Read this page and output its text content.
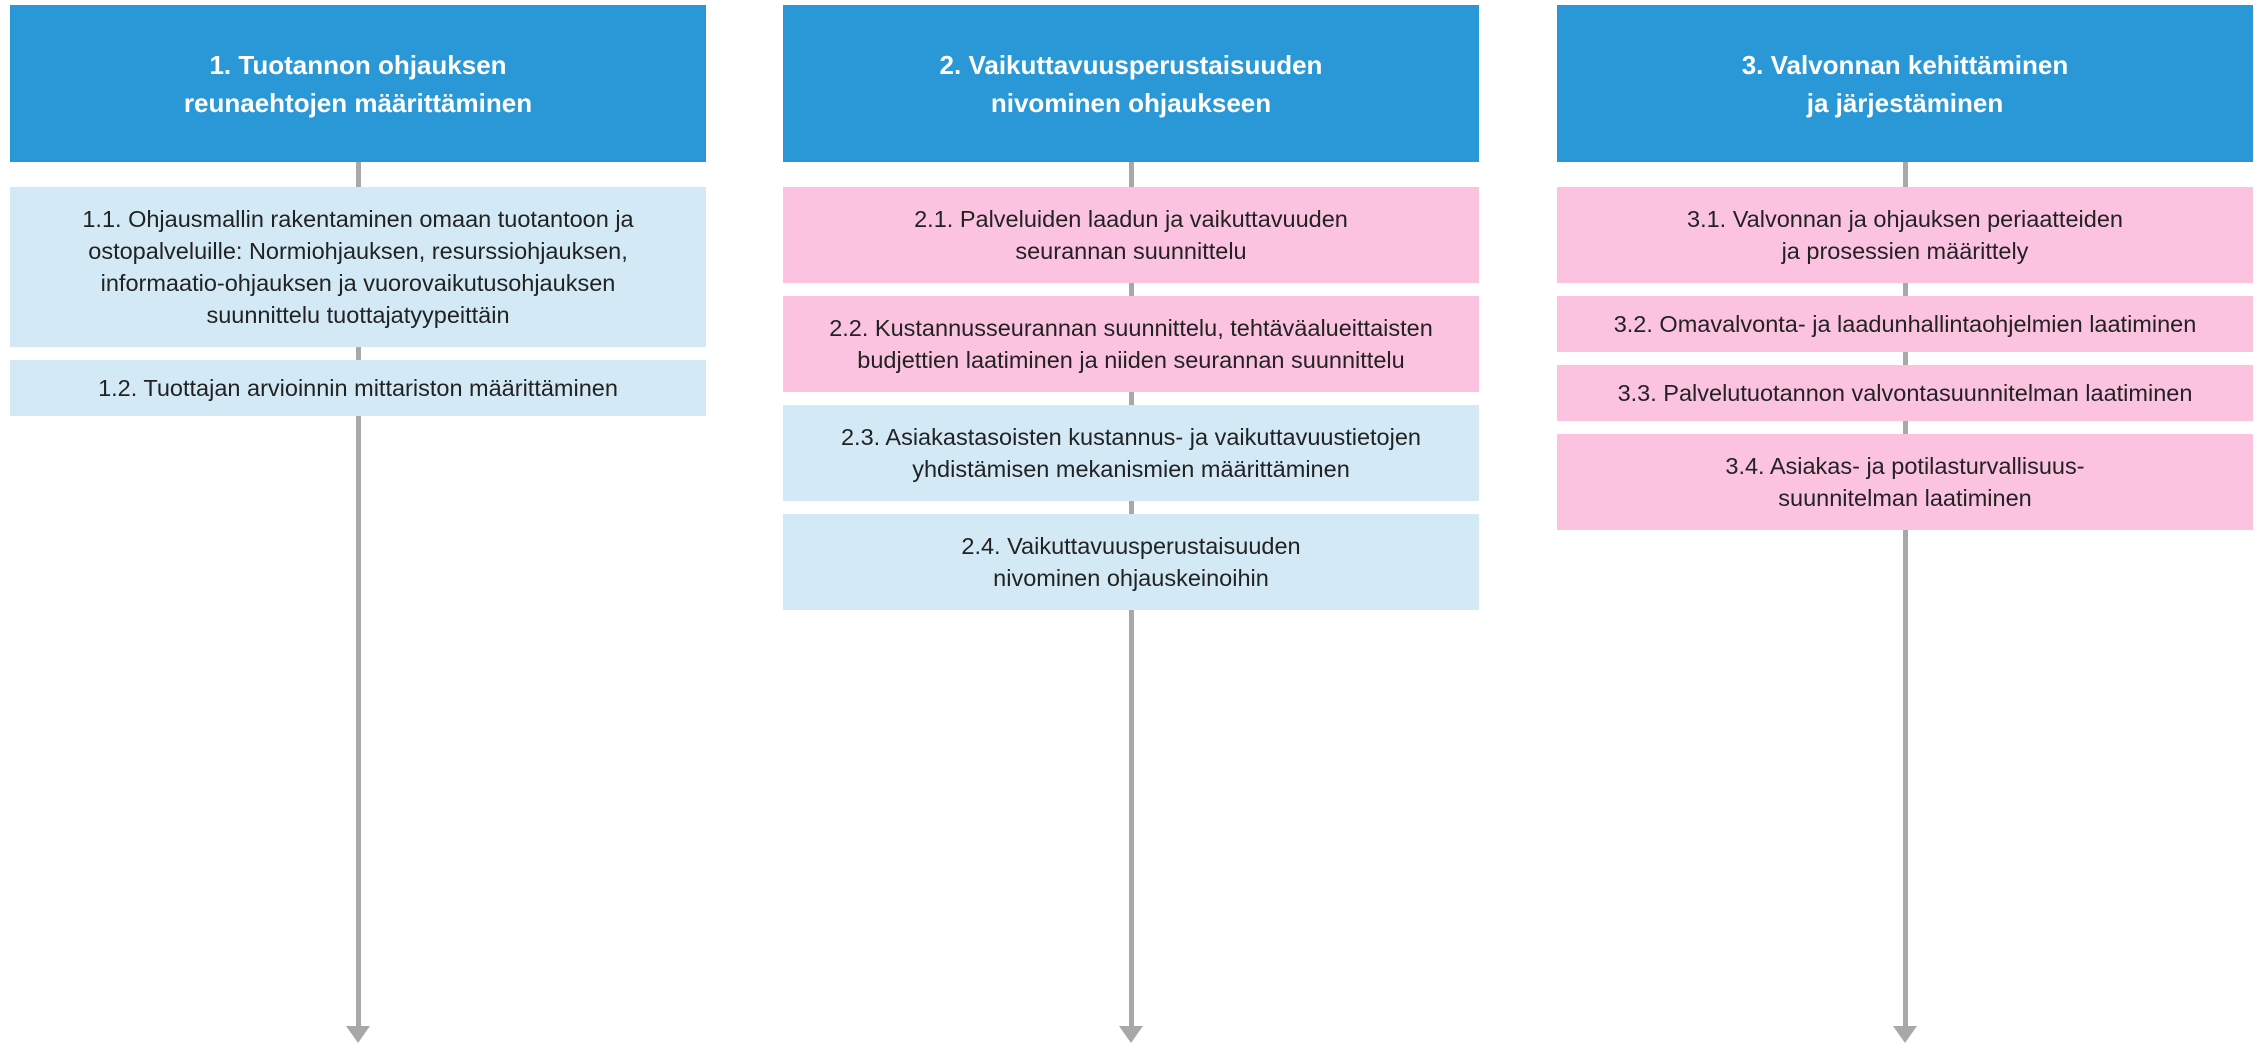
1. Tuotannon ohjauksen
reunaehtojen määrittäminen
1.1. Ohjausmallin rakentaminen omaan tuotantoon ja
ostopalveluille: Normiohjauksen, resurssiohjauksen,
informaatio-ohjauksen ja vuorovaikutusohjauksen
suunnittelu tuottajatyypeittäin
1.2. Tuottajan arvioinnin mittariston määrittäminen
2. Vaikuttavuusperustaisuuden
nivominen ohjaukseen
2.1. Palveluiden laadun ja vaikuttavuuden
seurannan suunnittelu
2.2. Kustannusseurannan suunnittelu, tehtäväalueittaisten
budjettien laatiminen ja niiden seurannan suunnittelu
2.3. Asiakastasoisten kustannus- ja vaikuttavuustietojen
yhdistämisen mekanismien määrittäminen
2.4. Vaikuttavuusperustaisuuden
nivominen ohjauskeinoihin
3. Valvonnan kehittäminen
ja järjestäminen
3.1. Valvonnan ja ohjauksen periaatteiden
ja prosessien määrittely
3.2. Omavalvonta- ja laadunhallintaohjelmien laatiminen
3.3. Palvelutuotannon valvontasuunnitelman laatiminen
3.4. Asiakas- ja potilasturvallisuus-
suunnitelman laatiminen
